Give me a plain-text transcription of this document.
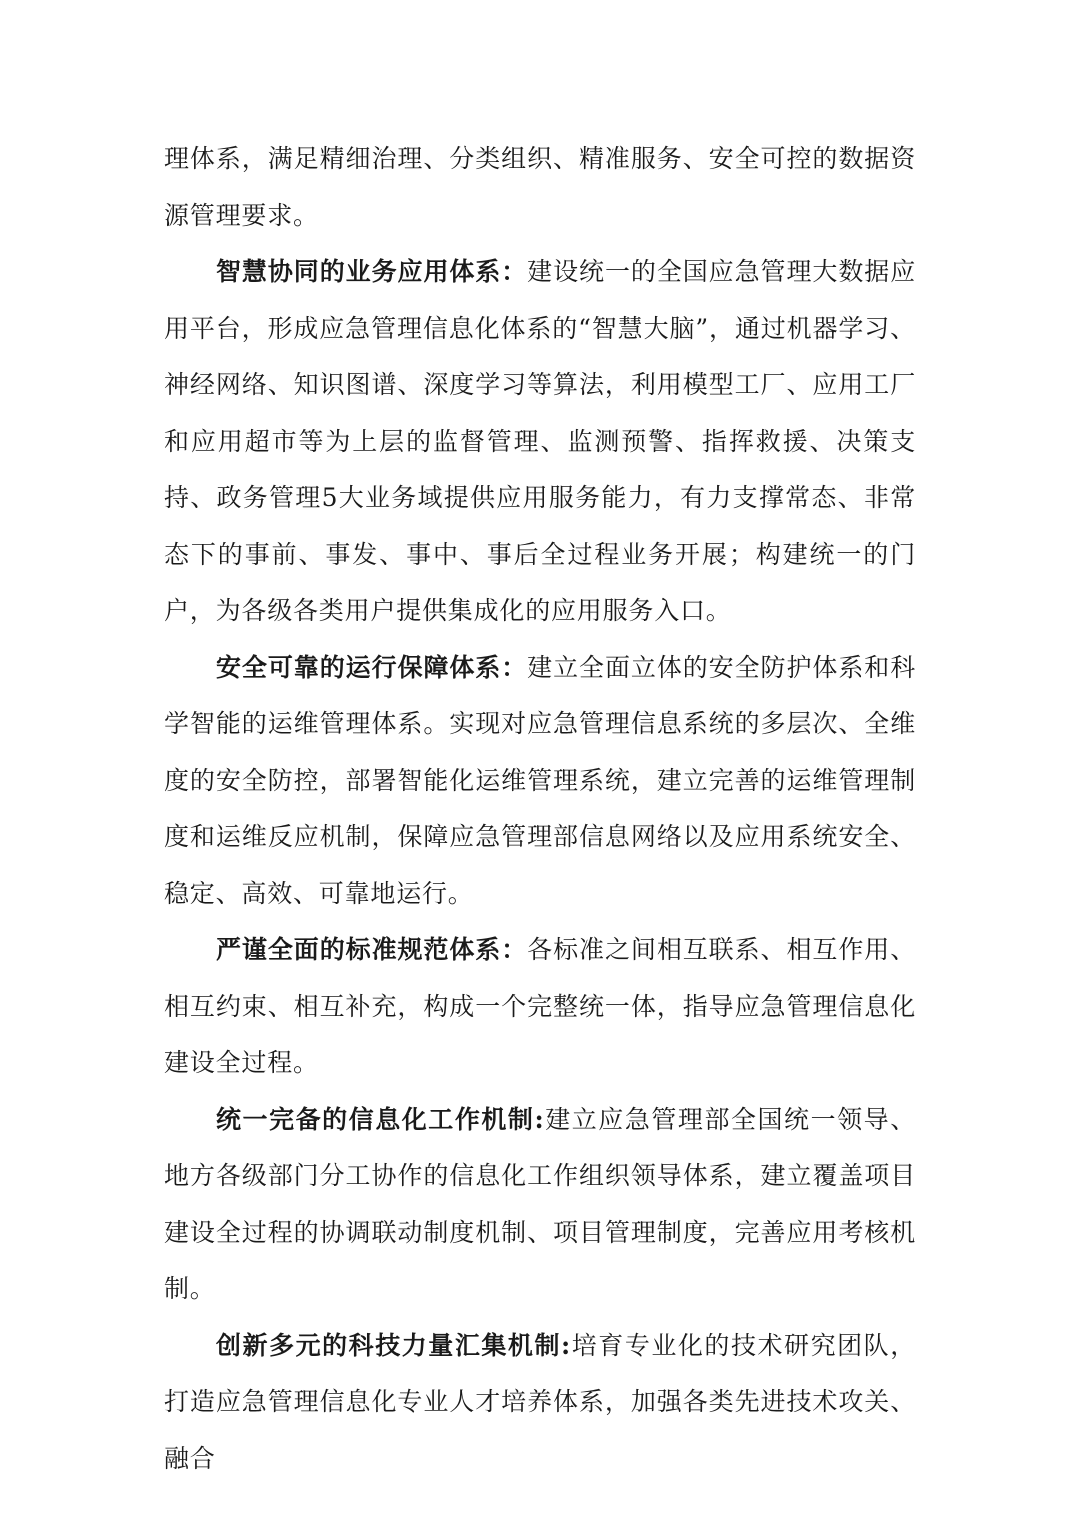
理体系，满足精细治理、分类组织、精准服务、安全可控的数据资源管理要求。

智慧协同的业务应用体系：建设统一的全国应急管理大数据应用平台，形成应急管理信息化体系的“智慧大脑”，通过机器学习、神经网络、知识图谱、深度学习等算法，利用模型工厂、应用工厂和应用超市等为上层的监督管理、监测预警、指挥救援、决策支持、政务管理5大业务域提供应用服务能力，有力支撑常态、非常态下的事前、事发、事中、事后全过程业务开展；构建统一的门户，为各级各类用户提供集成化的应用服务入口。

安全可靠的运行保障体系：建立全面立体的安全防护体系和科学智能的运维管理体系。实现对应急管理信息系统的多层次、全维度的安全防控，部署智能化运维管理系统，建立完善的运维管理制度和运维反应机制，保障应急管理部信息网络以及应用系统安全、稳定、高效、可靠地运行。

严谨全面的标准规范体系：各标准之间相互联系、相互作用、相互约束、相互补充，构成一个完整统一体，指导应急管理信息化建设全过程。

统一完备的信息化工作机制:建立应急管理部全国统一领导、地方各级部门分工协作的信息化工作组织领导体系，建立覆盖项目建设全过程的协调联动制度机制、项目管理制度，完善应用考核机制。

创新多元的科技力量汇集机制:培育专业化的技术研究团队，打造应急管理信息化专业人才培养体系，加强各类先进技术攻关、融合
